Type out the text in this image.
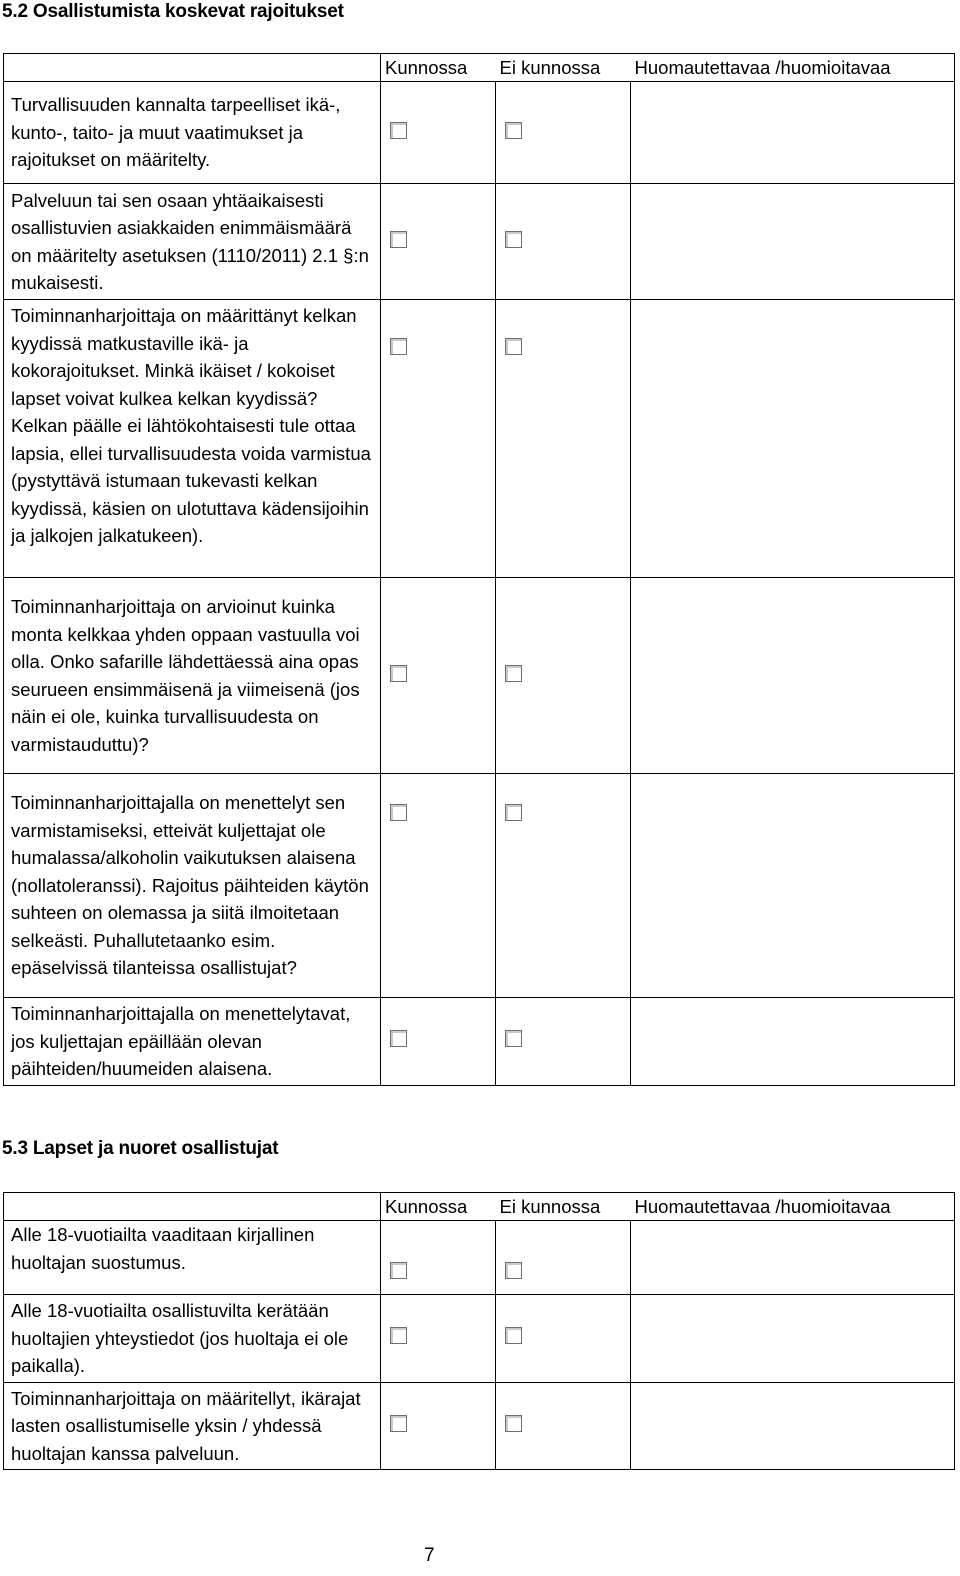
5.2 Osallistumista koskevat rajoitukset
	Kunnossa	Ei kunnossa	Huomautettavaa /huomioitavaa
Turvallisuuden kannalta tarpeelliset ikä-, kunto-, taito- ja muut vaatimukset ja rajoitukset on määritelty.			
Palveluun tai sen osaan yhtäaikaisesti osallistuvien asiakkaiden enimmäismäärä on määritelty asetuksen (1110/2011) 2.1 §:n mukaisesti.			
Toiminnanharjoittaja on määrittänyt kelkan kyydissä matkustaville ikä- ja kokorajoitukset. Minkä ikäiset / kokoiset lapset voivat kulkea kelkan kyydissä? Kelkan päälle ei lähtökohtaisesti tule ottaa lapsia, ellei turvallisuudesta voida varmistua (pystyttävä istumaan tukevasti kelkan kyydissä, käsien on ulotuttava kädensijoihin ja jalkojen jalkatukeen).			
Toiminnanharjoittaja on arvioinut kuinka monta kelkkaa yhden oppaan vastuulla voi olla. Onko safarille lähdettäessä aina opas seurueen ensimmäisenä ja viimeisenä (jos näin ei ole, kuinka turvallisuudesta on varmistauduttu)?			
Toiminnanharjoittajalla on menettelyt sen varmistamiseksi, etteivät kuljettajat ole humalassa/alkoholin vaikutuksen alaisena (nollatoleranssi). Rajoitus päihteiden käytön suhteen on olemassa ja siitä ilmoitetaan selkeästi. Puhallutetaanko esim. epäselvissä tilanteissa osallistujat?			
Toiminnanharjoittajalla on menettelytavat, jos kuljettajan epäillään olevan päihteiden/huumeiden alaisena.			
5.3 Lapset ja nuoret osallistujat
	Kunnossa	Ei kunnossa	Huomautettavaa /huomioitavaa
Alle 18-vuotiailta vaaditaan kirjallinen huoltajan suostumus.			
Alle 18-vuotiailta osallistuvilta kerätään huoltajien yhteystiedot (jos huoltaja ei ole paikalla).			
Toiminnanharjoittaja on määritellyt, ikärajat lasten osallistumiselle yksin / yhdessä huoltajan kanssa palveluun.			

7
